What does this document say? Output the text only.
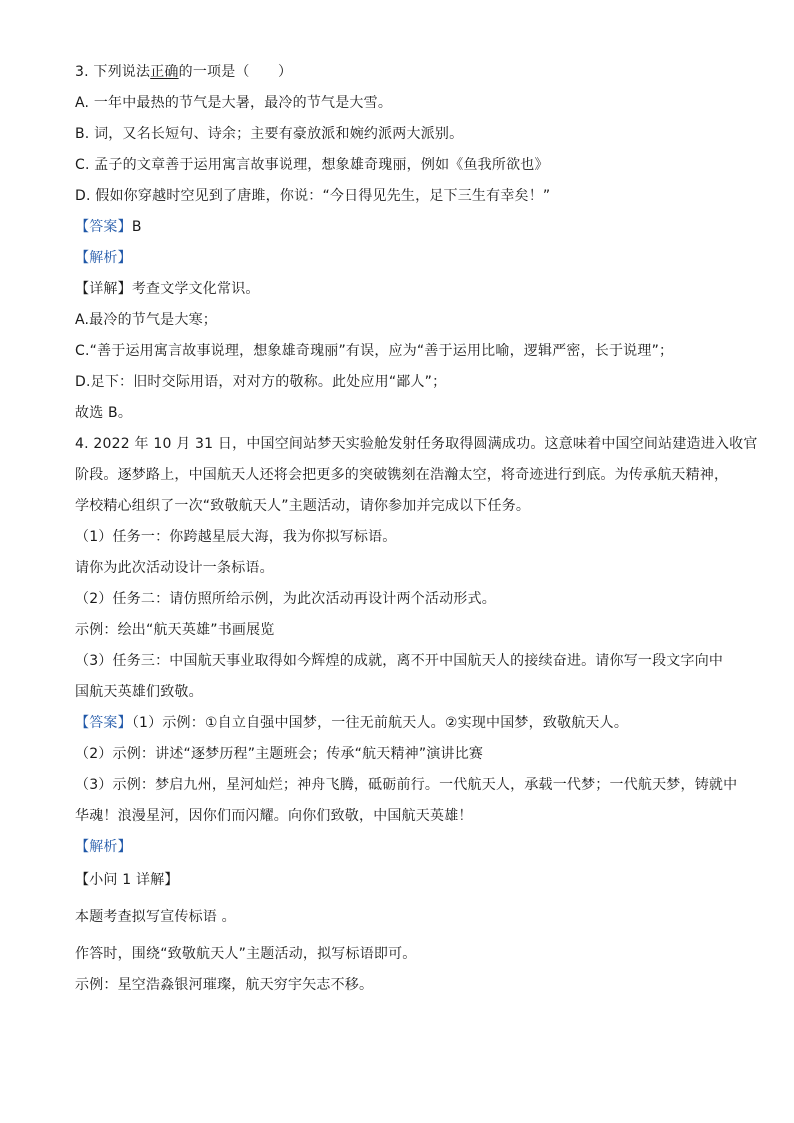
3. 下列说法正确的一项是（　　）

A. 一年中最热的节气是大暑，最冷的节气是大雪。

B. 词，又名长短句、诗余；主要有豪放派和婉约派两大派别。

C. 孟子的文章善于运用寓言故事说理，想象雄奇瑰丽，例如《鱼我所欲也》

D. 假如你穿越时空见到了唐雎，你说：“今日得见先生，足下三生有幸矣！”

【答案】B

【解析】

【详解】考查文学文化常识。

A.最冷的节气是大寒；

C.“善于运用寓言故事说理，想象雄奇瑰丽”有误，应为“善于运用比喻，逻辑严密，长于说理”；

D.足下：旧时交际用语，对对方的敬称。此处应用“鄙人”；

故选 B。

4. 2022 年 10 月 31 日，中国空间站梦天实验舱发射任务取得圆满成功。这意味着中国空间站建造进入收官

阶段。逐梦路上，中国航天人还将会把更多的突破镌刻在浩瀚太空，将奇迹进行到底。为传承航天精神，

学校精心组织了一次“致敬航天人”主题活动，请你参加并完成以下任务。

（1）任务一：你跨越星辰大海，我为你拟写标语。

请你为此次活动设计一条标语。

（2）任务二：请仿照所给示例，为此次活动再设计两个活动形式。

示例：绘出“航天英雄”书画展览

（3）任务三：中国航天事业取得如今辉煌的成就，离不开中国航天人的接续奋进。请你写一段文字向中

国航天英雄们致敬。

【答案】（1）示例：①自立自强中国梦，一往无前航天人。②实现中国梦，致敬航天人。

（2）示例：讲述“逐梦历程”主题班会；传承“航天精神”演讲比赛

（3）示例：梦启九州，星河灿烂；神舟飞腾，砥砺前行。一代航天人，承载一代梦；一代航天梦，铸就中

华魂！浪漫星河，因你们而闪耀。向你们致敬，中国航天英雄！

【解析】

【小问 1 详解】

本题考查拟写宣传标语 。

作答时，围绕“致敬航天人”主题活动，拟写标语即可。

示例：星空浩淼银河璀璨，航天穷宇矢志不移。
